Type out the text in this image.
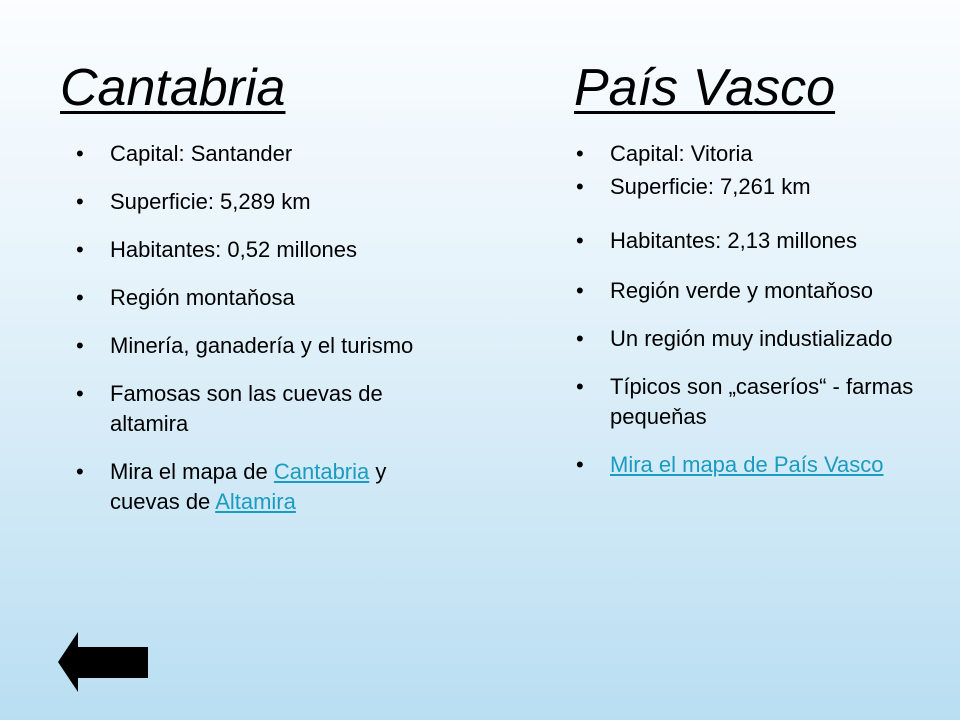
Cantabria	País Vasco
• Capital: Santander
• Superficie: 5,289 km
• Habitantes: 0,52 millones
• Región montaňosa
• Minería, ganadería y el turismo
• Famosas son las cuevas de altamira
• Mira el mapa de Cantabria y cuevas de Altamira
• Capital: Vitoria
• Superficie: 7,261 km
• Habitantes: 2,13 millones
• Región verde y montaňoso
• Un región muy industializado
• Típicos son „caseríos“ - farmas pequeňas
• Mira el mapa de País Vasco
